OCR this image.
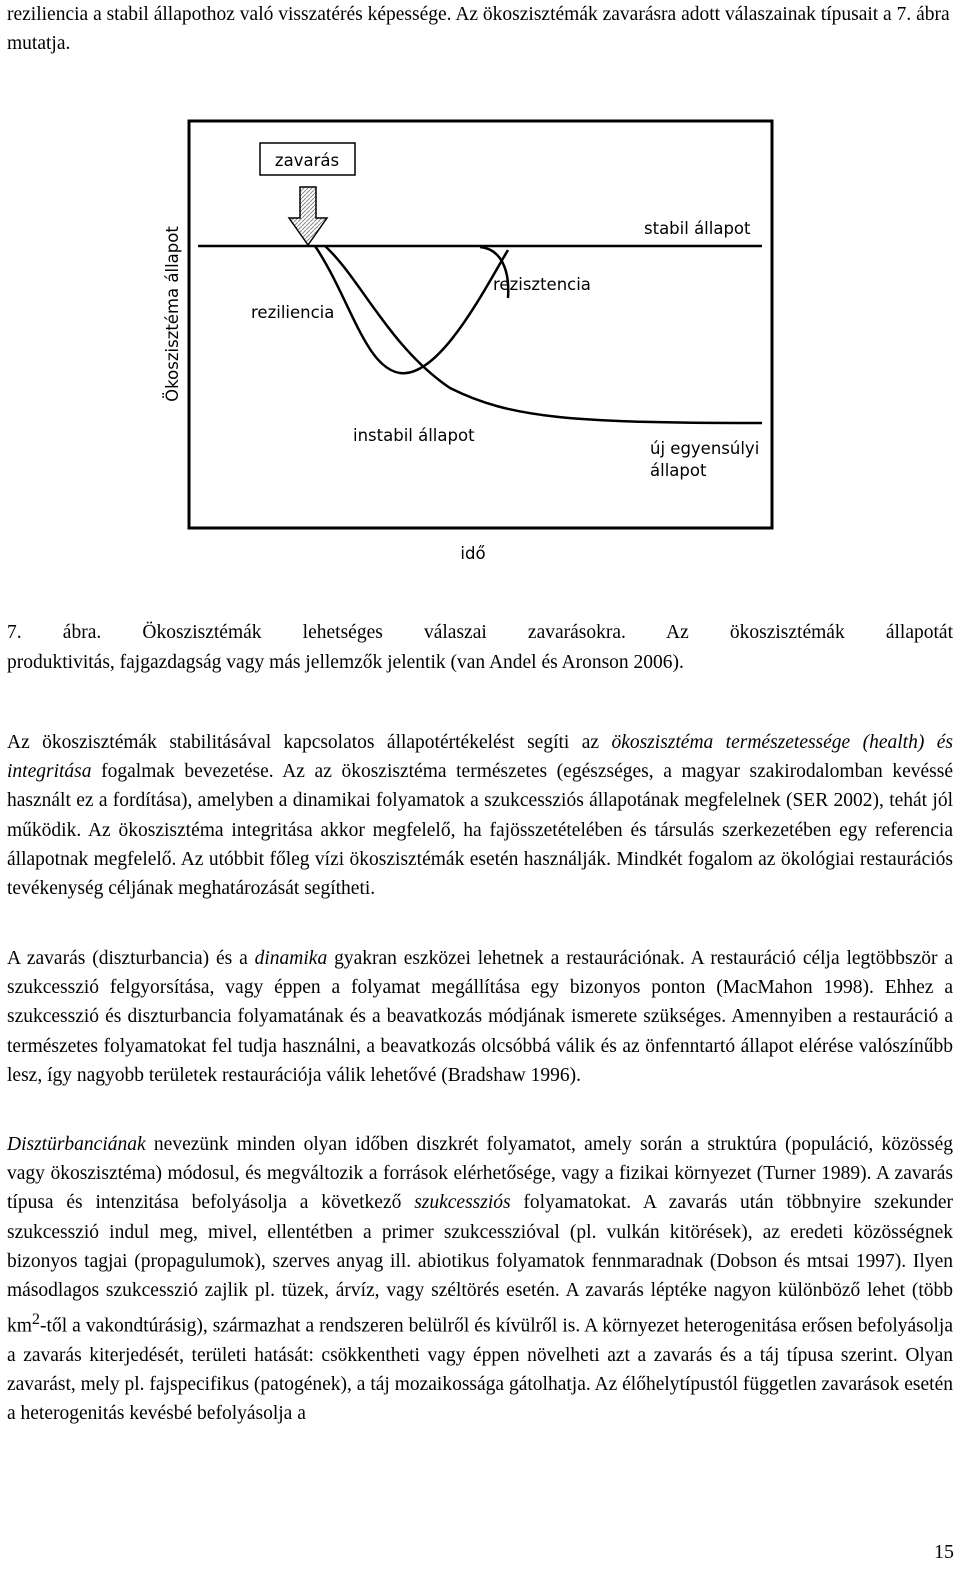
reziliencia a stabil állapothoz való visszatérés képessége. Az ökoszisztémák zavarásra adott válaszainak típusait a 7. ábra mutatja.

zavarás
Ökoszisztéma állapot	stabil állapot
rezisztencia
reziliencia
instabil állapot
új egyensúlyi
állapot
idő
7. ábra. Ökoszisztémák lehetséges válaszai zavarásokra. Az ökoszisztémák állapotát
produktivitás, fajgazdagság vagy más jellemzők jelentik (van Andel és Aronson 2006).

Az ökoszisztémák stabilitásával kapcsolatos állapotértékelést segíti az ökoszisztéma természetessége (health) és integritása fogalmak bevezetése. Az az ökoszisztéma természetes (egészséges, a magyar szakirodalomban kevéssé használt ez a fordítása), amelyben a dinamikai folyamatok a szukcessziós állapotának megfelelnek (SER 2002), tehát jól működik. Az ökoszisztéma integritása akkor megfelelő, ha fajösszetételében és társulás szerkezetében egy referencia állapotnak megfelelő. Az utóbbit főleg vízi ökoszisztémák esetén használják. Mindkét fogalom az ökológiai restaurációs tevékenység céljának meghatározását segítheti.

A zavarás (diszturbancia) és a dinamika gyakran eszközei lehetnek a restaurációnak. A restauráció célja legtöbbször a szukcesszió felgyorsítása, vagy éppen a folyamat megállítása egy bizonyos ponton (MacMahon 1998). Ehhez a szukcesszió és diszturbancia folyamatának és a beavatkozás módjának ismerete szükséges. Amennyiben a restauráció a természetes folyamatokat fel tudja használni, a beavatkozás olcsóbbá válik és az önfenntartó állapot elérése valószínűbb lesz, így nagyobb területek restaurációja válik lehetővé (Bradshaw 1996).

Disztürbanciának nevezünk minden olyan időben diszkrét folyamatot, amely során a struktúra (populáció, közösség vagy ökoszisztéma) módosul, és megváltozik a források elérhetősége, vagy a fizikai környezet (Turner 1989). A zavarás típusa és intenzitása befolyásolja a következő szukcessziós folyamatokat. A zavarás után többnyire szekunder szukcesszió indul meg, mivel, ellentétben a primer szukcesszióval (pl. vulkán kitörések), az eredeti közösségnek bizonyos tagjai (propagulumok), szerves anyag ill. abiotikus folyamatok fennmaradnak (Dobson és mtsai 1997). Ilyen másodlagos szukcesszió zajlik pl. tüzek, árvíz, vagy széltörés esetén. A zavarás léptéke nagyon különböző lehet (több $km^2$-től a vakondtúrásig), származhat a rendszeren belülről és kívülről is. A környezet heterogenitása erősen befolyásolja a zavarás kiterjedését, területi hatását: csökkentheti vagy éppen növelheti azt a zavarás és a táj típusa szerint. Olyan zavarást, mely pl. fajspecifikus (patogének), a táj mozaikossága gátolhatja. Az élőhelytípustól független zavarások esetén a heterogenitás kevésbé befolyásolja a

15
